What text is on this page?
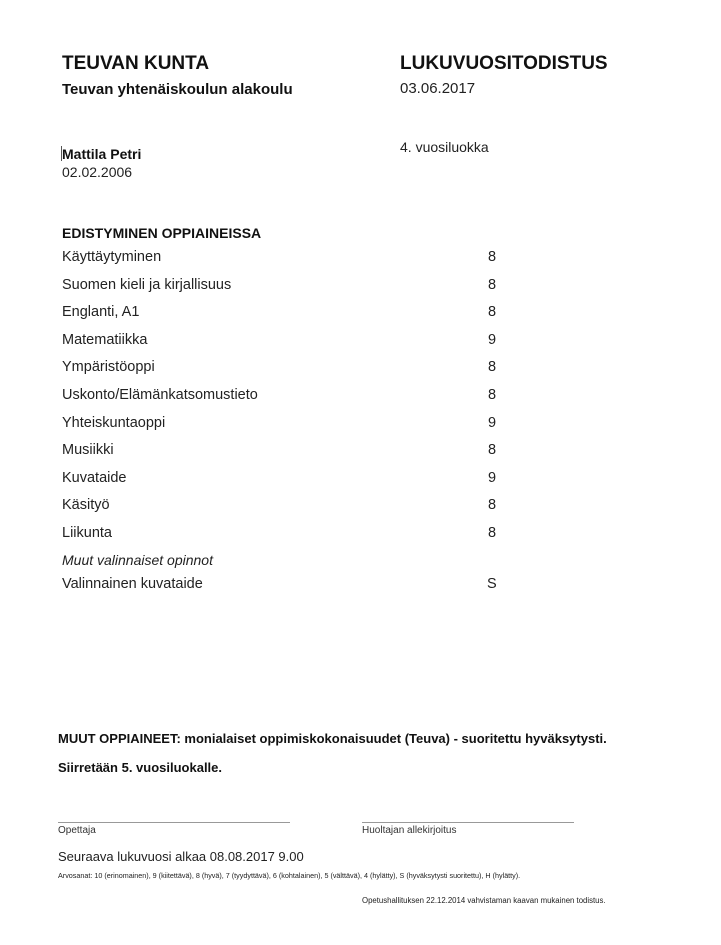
TEUVAN KUNTA
Teuvan yhtenäiskoulun alakoulu
LUKUVUOSITODISTUS
03.06.2017
Mattila Petri
02.02.2006
4. vuosiluokka
EDISTYMINEN OPPIAINEISSA
Käyttäytyminen	8
Suomen kieli ja kirjallisuus	8
Englanti, A1	8
Matematiikka	9
Ympäristöoppi	8
Uskonto/Elämänkatsomustieto	8
Yhteiskuntaoppi	9
Musiikki	8
Kuvataide	9
Käsityö	8
Liikunta	8
Muut valinnaiset opinnot
Valinnainen kuvataide	S
MUUT OPPIAINEET: monialaiset oppimiskokonaisuudet (Teuva) - suoritettu hyväksytysti.
Siirretään 5. vuosiluokalle.
Opettaja	Huoltajan allekirjoitus
Seuraava lukuvuosi alkaa 08.08.2017 9.00
Arvosanat: 10 (erinomainen), 9 (kiitettävä), 8 (hyvä), 7 (tyydyttävä), 6 (kohtalainen), 5 (välttävä), 4 (hylätty), S (hyväksytysti suoritettu), H (hylätty).
Opetushallituksen 22.12.2014 vahvistaman kaavan mukainen todistus.
